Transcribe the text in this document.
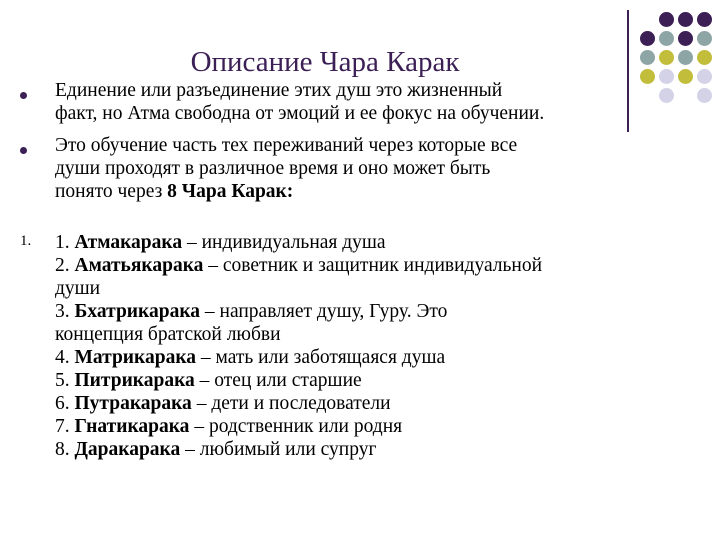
Описание Чара Карак
Единение или разъединение этих душ это жизненный
факт, но Атма свободна от эмоций и ее фокус на обучении.
Это обучение часть тех переживаний через которые все
души проходят в различное время и оно может быть
понято через 8 Чара Карак:
1. 1. Атмакарака – индивидуальная душа
2. Аматьякарака – советник и защитник индивидуальной
души
3. Бхатрикарака – направляет душу, Гуру. Это
концепция братской любви
4. Матрикарака – мать или заботящаяся душа
5. Питрикарака – отец или старшие
6. Путракарака – дети и последователи
7. Гнатикарака – родственник или родня
8. Даракарака – любимый или супруг
